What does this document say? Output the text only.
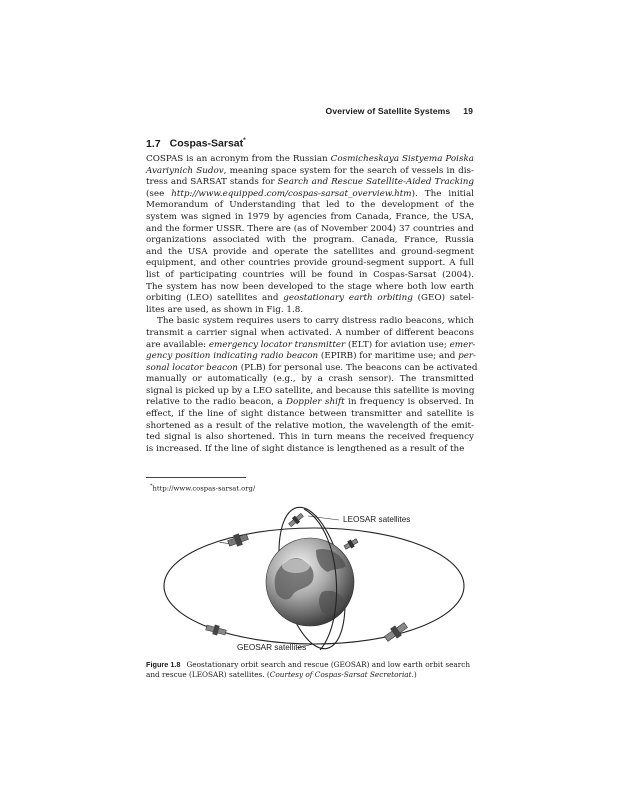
Overview of Satellite Systems 19
1.7 Cospas-Sarsat*
COSPAS is an acronym from the Russian Cosmicheskaya Sistyema Poiska
Avariynich Sudov, meaning space system for the search of vessels in dis-
tress and SARSAT stands for Search and Rescue Satellite-Aided Tracking
(see http://www.equipped.com/cospas-sarsat_overview.htm). The initial
Memorandum of Understanding that led to the development of the
system was signed in 1979 by agencies from Canada, France, the USA,
and the former USSR. There are (as of November 2004) 37 countries and
organizations associated with the program. Canada, France, Russia
and the USA provide and operate the satellites and ground-segment
equipment, and other countries provide ground-segment support. A full
list of participating countries will be found in Cospas-Sarsat (2004).
The system has now been developed to the stage where both low earth
orbiting (LEO) satellites and geostationary earth orbiting (GEO) satel-
lites are used, as shown in Fig. 1.8.
The basic system requires users to carry distress radio beacons, which
transmit a carrier signal when activated. A number of different beacons
are available: emergency locator transmitter (ELT) for aviation use; emer-
gency position indicating radio beacon (EPIRB) for maritime use; and per-
sonal locator beacon (PLB) for personal use. The beacons can be activated
manually or automatically (e.g., by a crash sensor). The transmitted
signal is picked up by a LEO satellite, and because this satellite is moving
relative to the radio beacon, a Doppler shift in frequency is observed. In
effect, if the line of sight distance between transmitter and satellite is
shortened as a result of the relative motion, the wavelength of the emit-
ted signal is also shortened. This in turn means the received frequency
is increased. If the line of sight distance is lengthened as a result of the
*http://www.cospas-sarsat.org/
LEOSAR satellites
GEOSAR satellites
Figure 1.8 Geostationary orbit search and rescue (GEOSAR) and low earth orbit search
and rescue (LEOSAR) satellites. (Courtesy of Cospas-Sarsat Secretoriat.)
